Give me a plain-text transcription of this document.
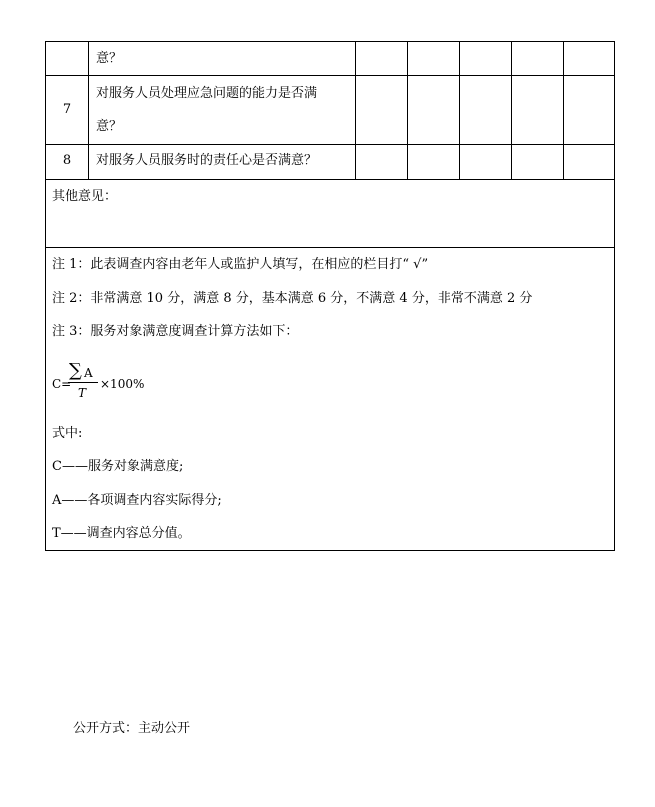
意？
7
对服务人员处理应急问题的能力是否满
意？
8	对服务人员服务时的责任心是否满意？
其他意见：
注 1：此表调查内容由老年人或监护人填写，在相应的栏目打“ √”
注 2：非常满意 10 分，满意 8 分，基本满意 6 分，不满意 4 分，非常不满意 2 分
注 3：服务对象满意度调查计算方法如下：
C=
∑ A
T
×100%
式中:
C——服务对象满意度;
A——各项调查内容实际得分;
T——调查内容总分值。
公开方式：主动公开
